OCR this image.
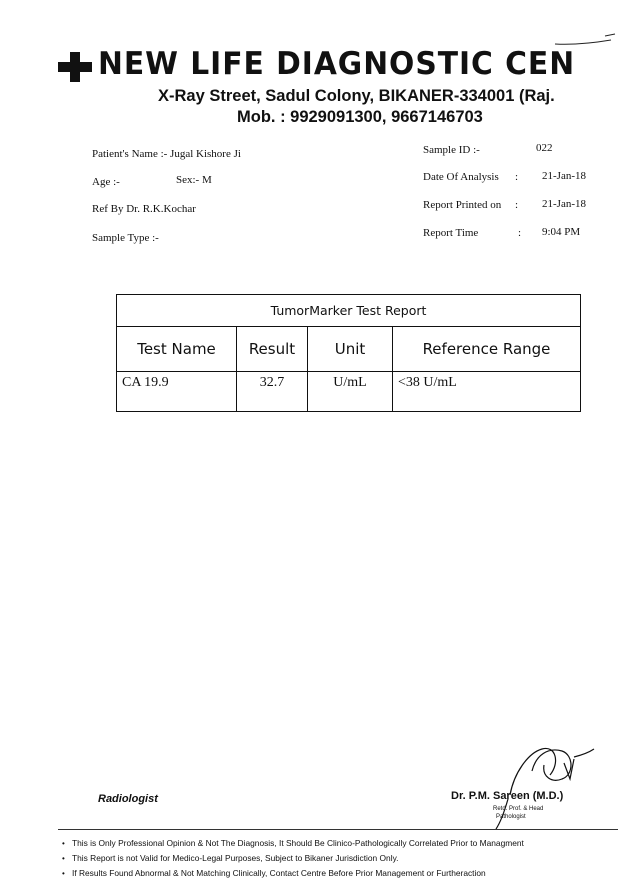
NEW LIFE DIAGNOSTIC CEN
X-Ray Street, Sadul Colony, BIKANER-334001 (Raj.
Mob. : 9929091300, 9667146703
Patient's Name :- Jugal Kishore Ji
Age :-	Sex:- M
Ref By Dr. R.K.Kochar
Sample Type :-
Sample ID :-	022
Date Of Analysis : 21-Jan-18
Report Printed on : 21-Jan-18
Report Time	: 9:04 PM
TumorMarker Test Report			
Test Name	Result	Unit	Reference Range
CA 19.9	32.7	U/mL	<38 U/mL
Radiologist	Dr. P.M. Sareen (M.D.)
Retd. Prof. & Head
Pathologist
• This is Only Professional Opinion & Not The Diagnosis, It Should Be Clinico-Pathologically Correlated Prior to Managment
• This Report is not Valid for Medico-Legal Purposes, Subject to Bikaner Jurisdiction Only.
• If Results Found Abnormal & Not Matching Clinically, Contact Centre Before Prior Management or Furtheraction
